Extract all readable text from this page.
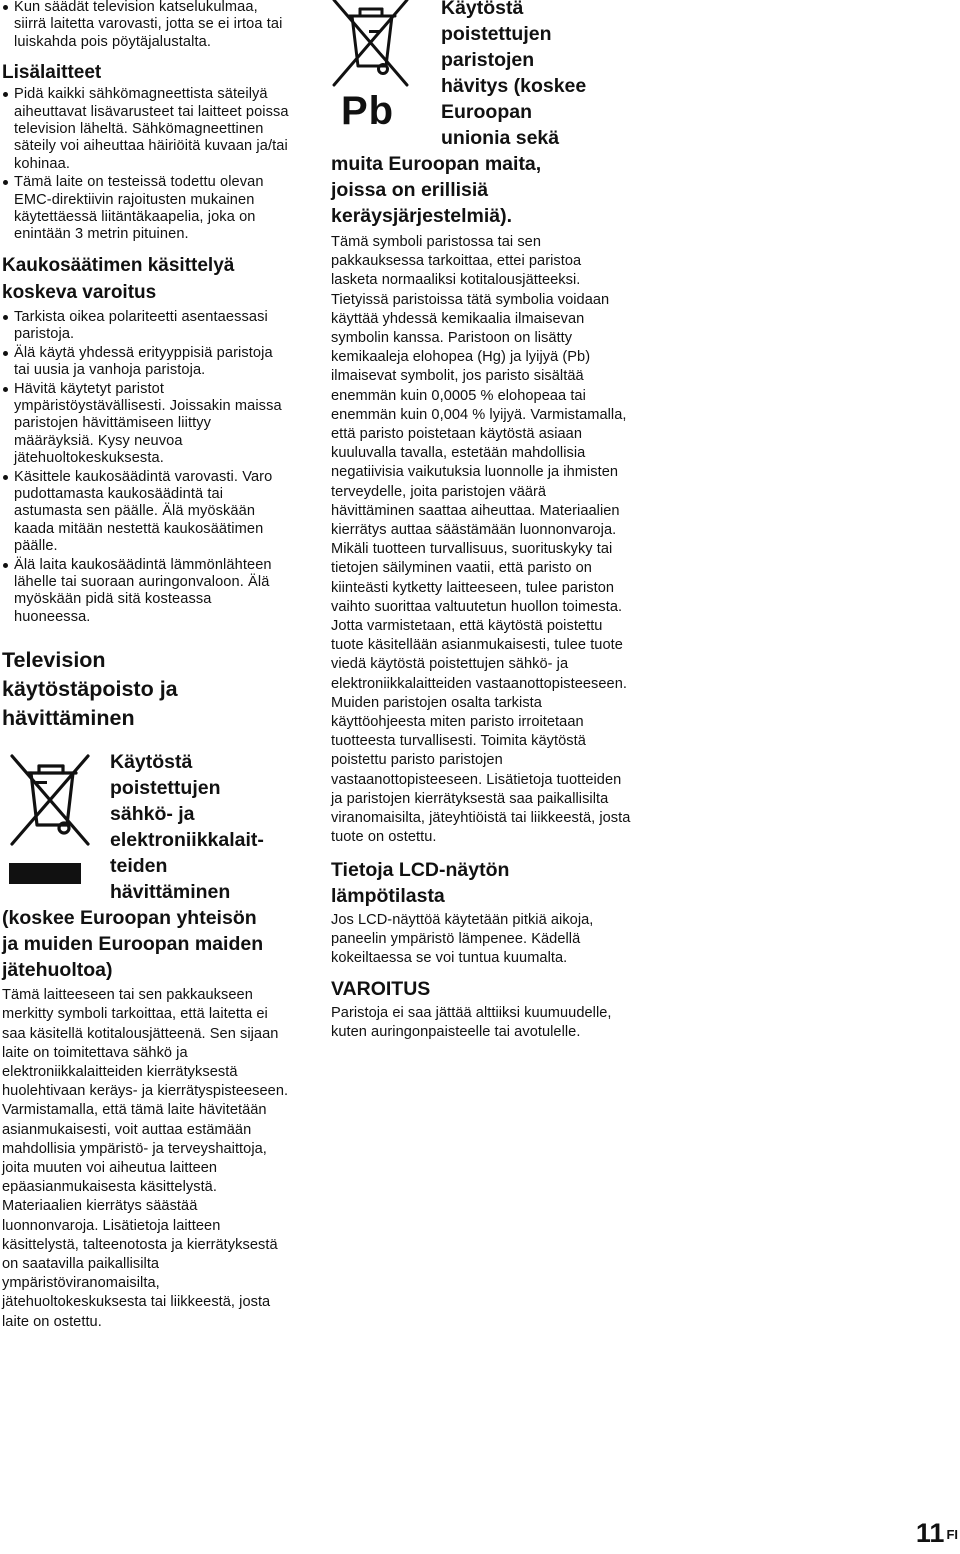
Kun säädät television katselukulmaa, siirrä laitetta varovasti, jotta se ei irtoa tai luiskahda pois pöytäjalustalta.
Lisälaitteet
Pidä kaikki sähkömagneettista säteilyä aiheuttavat lisävarusteet tai laitteet poissa television läheltä. Sähkömagneettinen säteily voi aiheuttaa häiriöitä kuvaan ja/tai kohinaa.
Tämä laite on testeissä todettu olevan EMC-direktiivin rajoitusten mukainen käytettäessä liitäntäkaapelia, joka on enintään 3 metrin pituinen.
Kaukosäätimen käsittelyä
koskeva varoitus
Tarkista oikea polariteetti asentaessasi paristoja.
Älä käytä yhdessä erityyppisiä paristoja tai uusia ja vanhoja paristoja.
Hävitä käytetyt paristot ympäristöystävällisesti. Joissakin maissa paristojen hävittämiseen liittyy määräyksiä. Kysy neuvoa jätehuoltokeskuksesta.
Käsittele kaukosäädintä varovasti. Varo pudottamasta kaukosäädintä tai astumasta sen päälle. Älä myöskään kaada mitään nestettä kaukosäätimen päälle.
Älä laita kaukosäädintä lämmönlähteen lähelle tai suoraan auringonvaloon. Älä myöskään pidä sitä kosteassa huoneessa.
Television
käytöstäpoisto ja
hävittäminen
Käytöstä
poistettujen
sähkö- ja
elektroniikkalait-
teiden
hävittäminen
(koskee Euroopan yhteisön
ja muiden Euroopan maiden
jätehuoltoa)

Tämä laitteeseen tai sen pakkaukseen merkitty symboli tarkoittaa, että laitetta ei saa käsitellä kotitalousjätteenä. Sen sijaan laite on toimitettava sähkö ja elektroniikkalaitteiden kierrätyksestä huolehtivaan keräys- ja kierrätyspisteeseen. Varmistamalla, että tämä laite hävitetään asianmukaisesti, voit auttaa estämään mahdollisia ympäristö- ja terveyshaittoja, joita muuten voi aiheutua laitteen epäasianmukaisesta käsittelystä. Materiaalien kierrätys säästää luonnonvaroja. Lisätietoja laitteen käsittelystä, talteenotosta ja kierrätyksestä on saatavilla paikallisilta ympäristöviranomaisilta, jätehuoltokeskuksesta tai liikkeestä, josta laite on ostettu.

Pb
Käytöstä
poistettujen
paristojen
hävitys (koskee
Euroopan
unionia sekä
muita Euroopan maita,
joissa on erillisiä
keräysjärjestelmiä).

Tämä symboli paristossa tai sen pakkauksessa tarkoittaa, ettei paristoa lasketa normaaliksi kotitalousjätteeksi. Tietyissä paristoissa tätä symbolia voidaan käyttää yhdessä kemikaalia ilmaisevan symbolin kanssa. Paristoon on lisätty kemikaaleja elohopea (Hg) ja lyijyä (Pb) ilmaisevat symbolit, jos paristo sisältää enemmän kuin 0,0005 % elohopeaa tai enemmän kuin 0,004 % lyijyä. Varmistamalla, että paristo poistetaan käytöstä asiaan kuuluvalla tavalla, estetään mahdollisia negatiivisia vaikutuksia luonnolle ja ihmisten terveydelle, joita paristojen väärä hävittäminen saattaa aiheuttaa. Materiaalien kierrätys auttaa säästämään luonnonvaroja. Mikäli tuotteen turvallisuus, suorituskyky tai tietojen säilyminen vaatii, että paristo on kiinteästi kytketty laitteeseen, tulee pariston vaihto suorittaa valtuutetun huollon toimesta. Jotta varmistetaan, että käytöstä poistettu tuote käsitellään asianmukaisesti, tulee tuote viedä käytöstä poistettujen sähkö- ja elektroniikkalaitteiden vastaanottopisteeseen. Muiden paristojen osalta tarkista käyttöohjeesta miten paristo irroitetaan tuotteesta turvallisesti. Toimita käytöstä poistettu paristo paristojen vastaanottopisteeseen. Lisätietoja tuotteiden ja paristojen kierrätyksestä saa paikallisilta viranomaisilta, jäteyhtiöistä tai liikkeestä, josta tuote on ostettu.

Tietoja LCD-näytön
lämpötilasta

Jos LCD-näyttöä käytetään pitkiä aikoja, paneelin ympäristö lämpenee. Kädellä kokeiltaessa se voi tuntua kuumalta.

VAROITUS

Paristoja ei saa jättää alttiiksi kuumuudelle, kuten auringonpaisteelle tai avotulelle.

11 $^{FI}$
